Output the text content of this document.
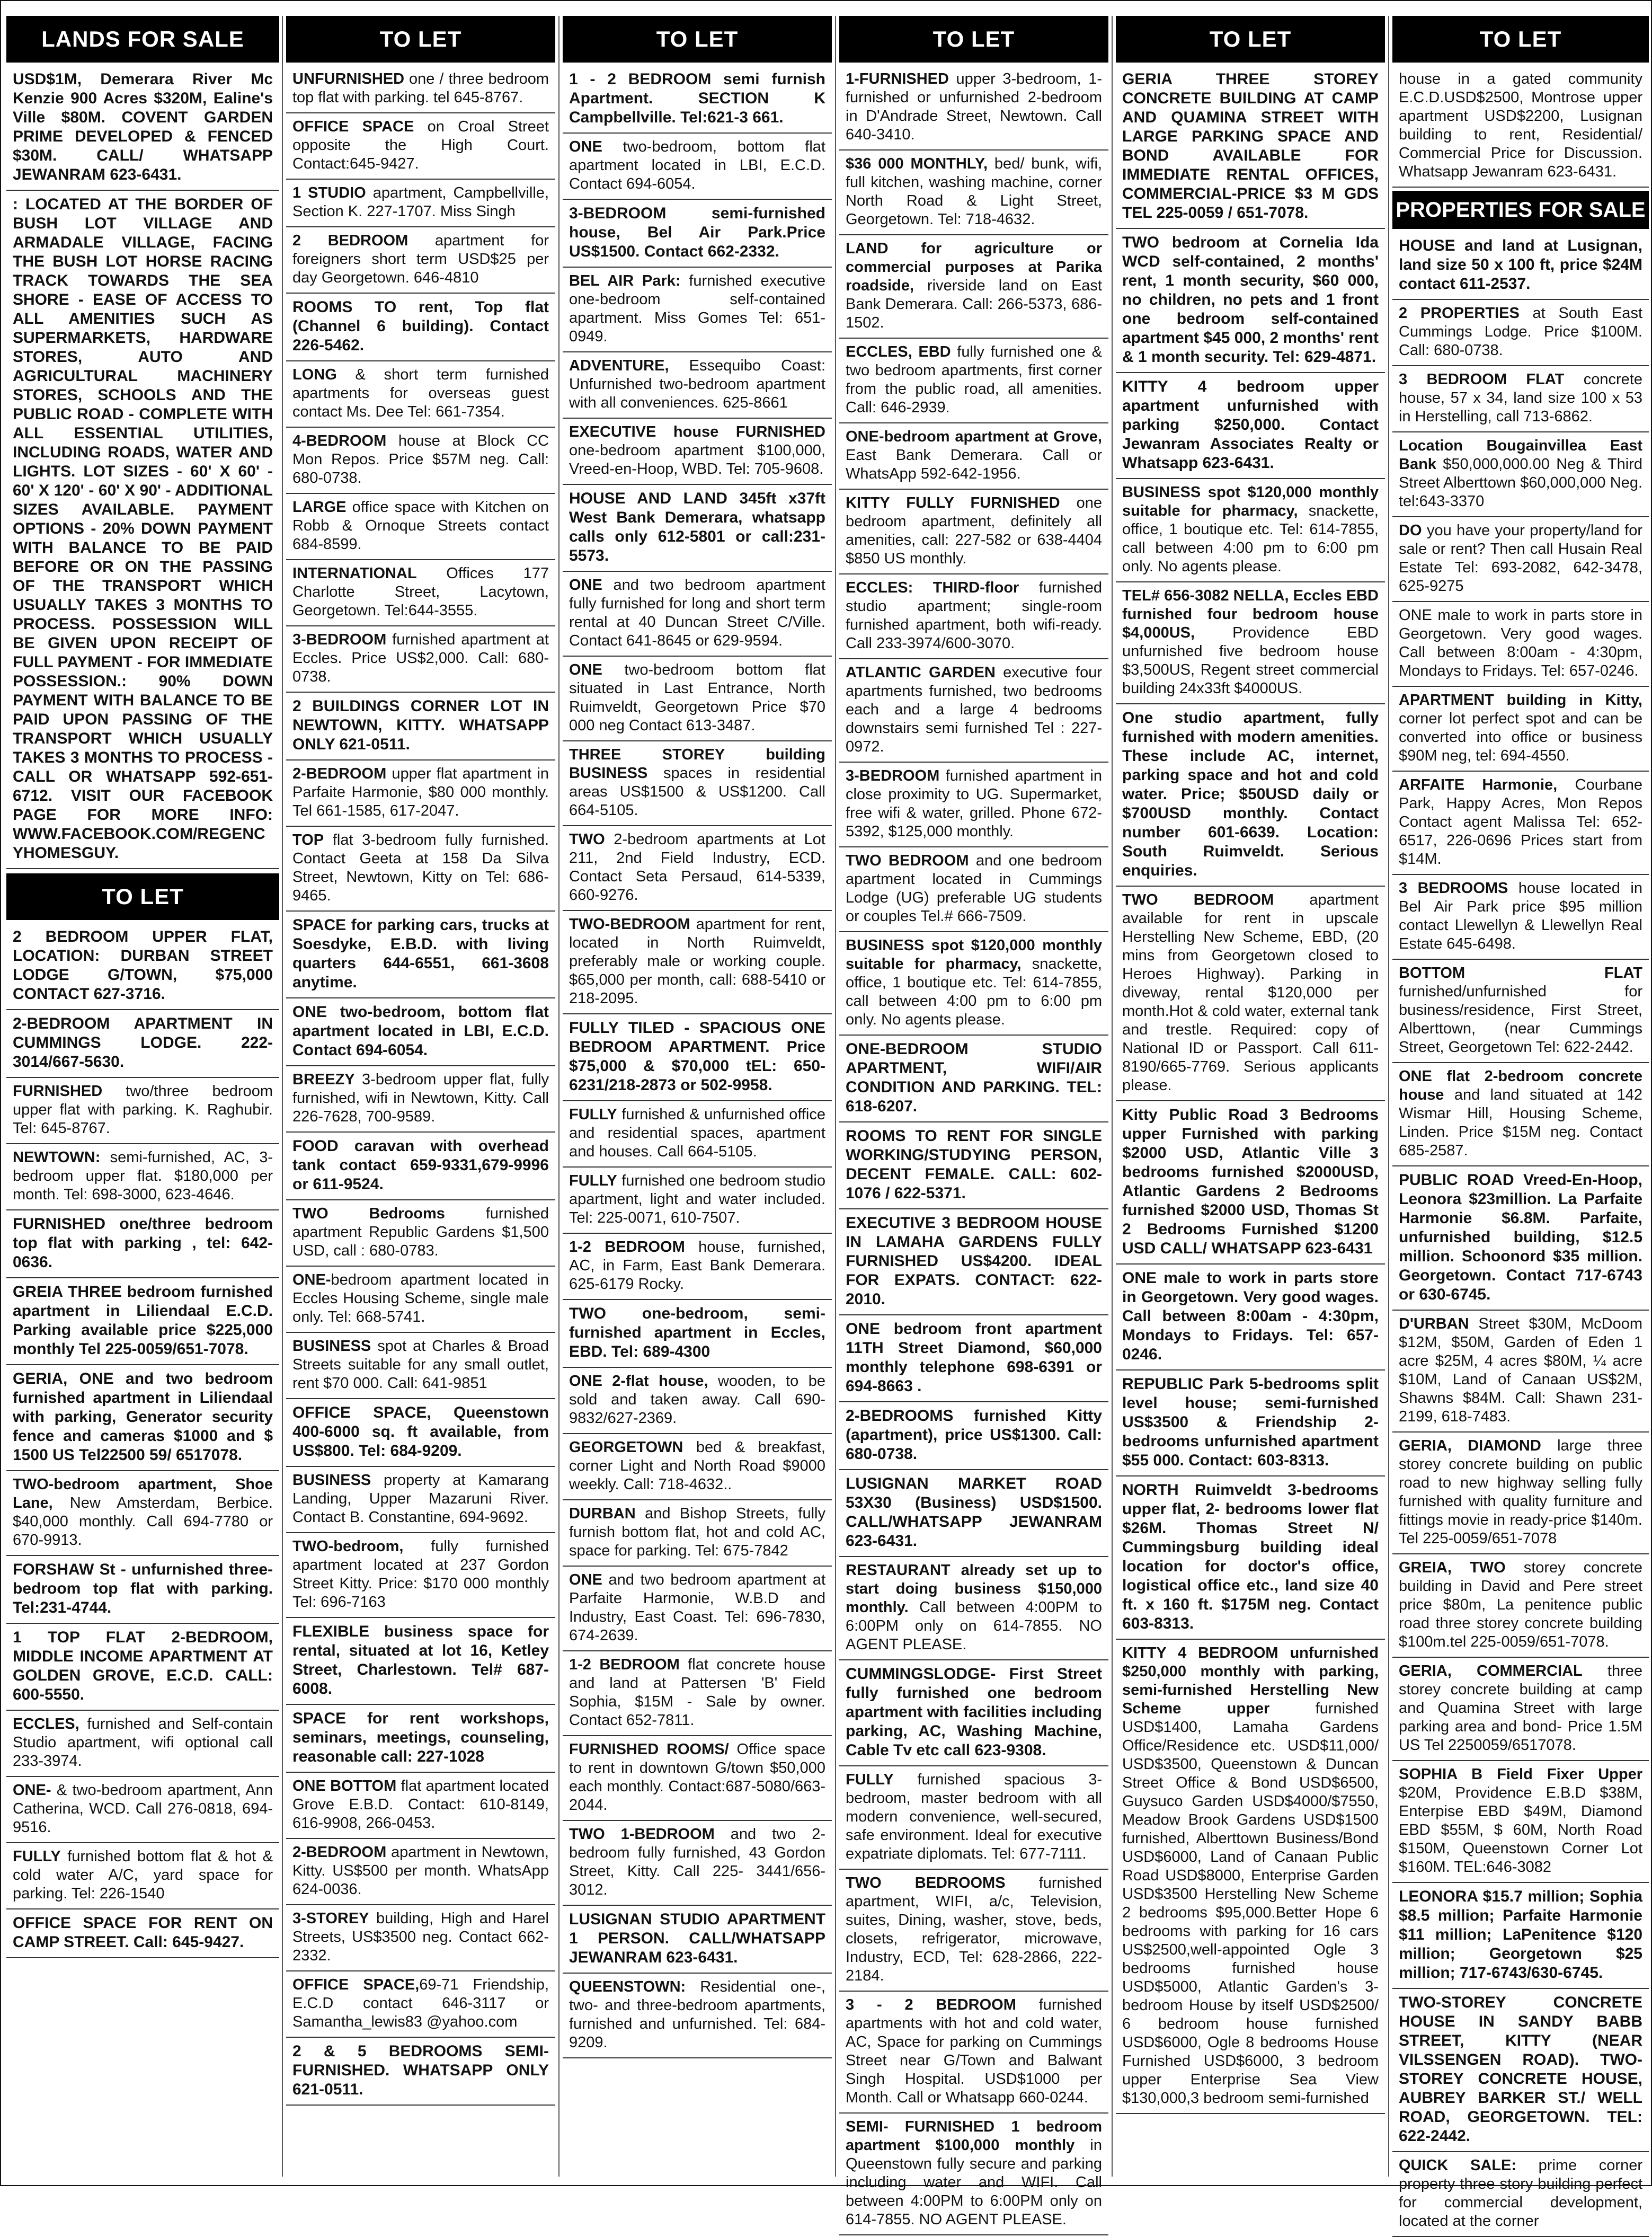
LANDS FOR SALE
USD$1M, Demerara River Mc Kenzie 900 Acres $320M, Ealine's Ville $80M. COVENT GARDEN PRIME DEVELOPED & FENCED $30M. CALL/ WHATSAPP JEWANRAM 623-6431.
: LOCATED AT THE BORDER OF BUSH LOT VILLAGE AND ARMADALE VILLAGE, FACING THE BUSH LOT HORSE RACING TRACK TOWARDS THE SEA SHORE - EASE OF ACCESS TO ALL AMENITIES SUCH AS SUPERMARKETS, HARDWARE STORES, AUTO AND AGRICULTURAL MACHINERY STORES, SCHOOLS AND THE PUBLIC ROAD - COMPLETE WITH ALL ESSENTIAL UTILITIES, INCLUDING ROADS, WATER AND LIGHTS. LOT SIZES - 60' X 60' - 60' X 120' - 60' X 90' - ADDITIONAL SIZES AVAILABLE. PAYMENT OPTIONS - 20% DOWN PAYMENT WITH BALANCE TO BE PAID BEFORE OR ON THE PASSING OF THE TRANSPORT WHICH USUALLY TAKES 3 MONTHS TO PROCESS. POSSESSION WILL BE GIVEN UPON RECEIPT OF FULL PAYMENT - FOR IMMEDIATE POSSESSION.: 90% DOWN PAYMENT WITH BALANCE TO BE PAID UPON PASSING OF THE TRANSPORT WHICH USUALLY TAKES 3 MONTHS TO PROCESS - CALL OR WHATSAPP 592-651-6712. VISIT OUR FACEBOOK PAGE FOR MORE INFO: WWW.FACEBOOK.COM/REGENCYHOMESGUY.
TO LET
2 BEDROOM UPPER FLAT, LOCATION: DURBAN STREET LODGE G/TOWN, $75,000 CONTACT 627-3716.
2-BEDROOM APARTMENT IN CUMMINGS LODGE. 222-3014/667-5630.
FURNISHED two/three bedroom upper flat with parking. K. Raghubir. Tel: 645-8767.
NEWTOWN: semi-furnished, AC, 3-bedroom upper flat. $180,000 per month. Tel: 698-3000, 623-4646.
FURNISHED one/three bedroom top flat with parking , tel: 642-0636.
GREIA THREE bedroom furnished apartment in Liliendaal E.C.D. Parking available price $225,000 monthly Tel 225-0059/651-7078.
GERIA, ONE and two bedroom furnished apartment in Liliendaal with parking, Generator security fence and cameras $1000 and $ 1500 US Tel22500 59/ 6517078.
TWO-bedroom apartment, Shoe Lane, New Amsterdam, Berbice. $40,000 monthly. Call 694-7780 or 670-9913.
FORSHAW St - unfurnished three-bedroom top flat with parking. Tel:231-4744.
1 TOP FLAT 2-BEDROOM, MIDDLE INCOME APARTMENT AT GOLDEN GROVE, E.C.D. CALL: 600-5550.
ECCLES, furnished and Self-contain Studio apartment, wifi optional call 233-3974.
ONE- & two-bedroom apartment, Ann Catherina, WCD. Call 276-0818, 694-9516.
FULLY furnished bottom flat & hot & cold water A/C, yard space for parking. Tel: 226-1540
OFFICE SPACE FOR RENT ON CAMP STREET. Call: 645-9427.
TO LET
UNFURNISHED one / three bedroom top flat with parking. tel 645-8767.
OFFICE SPACE on Croal Street opposite the High Court. Contact:645-9427.
1 STUDIO apartment, Campbellville, Section K. 227-1707. Miss Singh
2 BEDROOM apartment for foreigners short term USD$25 per day Georgetown. 646-4810
ROOMS TO rent, Top flat (Channel 6 building). Contact 226-5462.
LONG & short term furnished apartments for overseas guest contact Ms. Dee Tel: 661-7354.
4-BEDROOM house at Block CC Mon Repos. Price $57M neg. Call: 680-0738.
LARGE office space with Kitchen on Robb & Ornoque Streets contact 684-8599.
INTERNATIONAL Offices 177 Charlotte Street, Lacytown, Georgetown. Tel:644-3555.
3-BEDROOM furnished apartment at Eccles. Price US$2,000. Call: 680-0738.
2 BUILDINGS CORNER LOT IN NEWTOWN, KITTY. WHATSAPP ONLY 621-0511.
2-BEDROOM upper flat apartment in Parfaite Harmonie, $80 000 monthly. Tel 661-1585, 617-2047.
TOP flat 3-bedroom fully furnished. Contact Geeta at 158 Da Silva Street, Newtown, Kitty on Tel: 686-9465.
SPACE for parking cars, trucks at Soesdyke, E.B.D. with living quarters 644-6551, 661-3608 anytime.
ONE two-bedroom, bottom flat apartment located in LBI, E.C.D. Contact 694-6054.
BREEZY 3-bedroom upper flat, fully furnished, wifi in Newtown, Kitty. Call 226-7628, 700-9589.
FOOD caravan with overhead tank contact 659-9331,679-9996 or 611-9524.
TWO Bedrooms furnished apartment Republic Gardens $1,500 USD, call : 680-0783.
ONE-bedroom apartment located in Eccles Housing Scheme, single male only. Tel: 668-5741.
BUSINESS spot at Charles & Broad Streets suitable for any small outlet, rent $70 000. Call: 641-9851
OFFICE SPACE, Queenstown 400-6000 sq. ft available, from US$800. Tel: 684-9209.
BUSINESS property at Kamarang Landing, Upper Mazaruni River. Contact B. Constantine, 694-9692.
TWO-bedroom, fully furnished apartment located at 237 Gordon Street Kitty. Price: $170 000 monthly Tel: 696-7163
FLEXIBLE business space for rental, situated at lot 16, Ketley Street, Charlestown. Tel# 687-6008.
SPACE for rent workshops, seminars, meetings, counseling, reasonable call: 227-1028
ONE BOTTOM flat apartment located Grove E.B.D. Contact: 610-8149, 616-9908, 266-0453.
2-BEDROOM apartment in Newtown, Kitty. US$500 per month. WhatsApp 624-0036.
3-STOREY building, High and Harel Streets, US$3500 neg. Contact 662-2332.
OFFICE SPACE,69-71 Friendship, E.C.D contact 646-3117 or Samantha_lewis83 @yahoo.com
2 & 5 BEDROOMS SEMI-FURNISHED. WHATSAPP ONLY 621-0511.
TO LET
1 - 2 BEDROOM semi furnish Apartment. SECTION K Campbellville. Tel:621-3 661.
ONE two-bedroom, bottom flat apartment located in LBI, E.C.D. Contact 694-6054.
3-BEDROOM semi-furnished house, Bel Air Park.Price US$1500. Contact 662-2332.
BEL AIR Park: furnished executive one-bedroom self-contained apartment. Miss Gomes Tel: 651-0949.
ADVENTURE, Essequibo Coast: Unfurnished two-bedroom apartment with all conveniences. 625-8661
EXECUTIVE house FURNISHED one-bedroom apartment $100,000, Vreed-en-Hoop, WBD. Tel: 705-9608.
HOUSE AND LAND 345ft x37ft West Bank Demerara, whatsapp calls only 612-5801 or call:231-5573.
ONE and two bedroom apartment fully furnished for long and short term rental at 40 Duncan Street C/Ville. Contact 641-8645 or 629-9594.
ONE two-bedroom bottom flat situated in Last Entrance, North Ruimveldt, Georgetown Price $70 000 neg Contact 613-3487.
THREE STOREY building BUSINESS spaces in residential areas US$1500 & US$1200. Call 664-5105.
TWO 2-bedroom apartments at Lot 211, 2nd Field Industry, ECD. Contact Seta Persaud, 614-5339, 660-9276.
TWO-BEDROOM apartment for rent, located in North Ruimveldt, preferably male or working couple. $65,000 per month, call: 688-5410 or 218-2095.
FULLY TILED - SPACIOUS ONE BEDROOM APARTMENT. Price $75,000 & $70,000 tEL: 650-6231/218-2873 or 502-9958.
FULLY furnished & unfurnished office and residential spaces, apartment and houses. Call 664-5105.
FULLY furnished one bedroom studio apartment, light and water included. Tel: 225-0071, 610-7507.
1-2 BEDROOM house, furnished, AC, in Farm, East Bank Demerara. 625-6179 Rocky.
TWO one-bedroom, semi-furnished apartment in Eccles, EBD. Tel: 689-4300
ONE 2-flat house, wooden, to be sold and taken away. Call 690-9832/627-2369.
GEORGETOWN bed & breakfast, corner Light and North Road $9000 weekly. Call: 718-4632..
DURBAN and Bishop Streets, fully furnish bottom flat, hot and cold AC, space for parking. Tel: 675-7842
ONE and two bedroom apartment at Parfaite Harmonie, W.B.D and Industry, East Coast. Tel: 696-7830, 674-2639.
1-2 BEDROOM flat concrete house and land at Pattersen 'B' Field Sophia, $15M - Sale by owner. Contact 652-7811.
FURNISHED ROOMS/ Office space to rent in downtown G/town $50,000 each monthly. Contact:687-5080/663-2044.
TWO 1-BEDROOM and two 2-bedroom fully furnished, 43 Gordon Street, Kitty. Call 225- 3441/656-3012.
LUSIGNAN STUDIO APARTMENT 1 PERSON. CALL/WHATSAPP JEWANRAM 623-6431.
QUEENSTOWN: Residential one-, two- and three-bedroom apartments, furnished and unfurnished. Tel: 684-9209.
TO LET
1-FURNISHED upper 3-bedroom, 1-furnished or unfurnished 2-bedroom in D'Andrade Street, Newtown. Call 640-3410.
$36 000 MONTHLY, bed/ bunk, wifi, full kitchen, washing machine, corner North Road & Light Street, Georgetown. Tel: 718-4632.
LAND for agriculture or commercial purposes at Parika roadside, riverside land on East Bank Demerara. Call: 266-5373, 686-1502.
ECCLES, EBD fully furnished one & two bedroom apartments, first corner from the public road, all amenities. Call: 646-2939.
ONE-bedroom apartment at Grove, East Bank Demerara. Call or WhatsApp 592-642-1956.
KITTY FULLY FURNISHED one bedroom apartment, definitely all amenities, call: 227-582 or 638-4404 $850 US monthly.
ECCLES: THIRD-floor furnished studio apartment; single-room furnished apartment, both wifi-ready. Call 233-3974/600-3070.
ATLANTIC GARDEN executive four apartments furnished, two bedrooms each and a large 4 bedrooms downstairs semi furnished Tel : 227-0972.
3-BEDROOM furnished apartment in close proximity to UG. Supermarket, free wifi & water, grilled. Phone 672-5392, $125,000 monthly.
TWO BEDROOM and one bedroom apartment located in Cummings Lodge (UG) preferable UG students or couples Tel.# 666-7509.
BUSINESS spot $120,000 monthly suitable for pharmacy, snackette, office, 1 boutique etc. Tel: 614-7855, call between 4:00 pm to 6:00 pm only. No agents please.
ONE-BEDROOM STUDIO APARTMENT, WIFI/AIR CONDITION AND PARKING. TEL: 618-6207.
ROOMS TO RENT FOR SINGLE WORKING/STUDYING PERSON, DECENT FEMALE. CALL: 602-1076 / 622-5371.
EXECUTIVE 3 BEDROOM HOUSE IN LAMAHA GARDENS FULLY FURNISHED US$4200. IDEAL FOR EXPATS. CONTACT: 622-2010.
ONE bedroom front apartment 11TH Street Diamond, $60,000 monthly telephone 698-6391 or 694-8663 .
2-BEDROOMS furnished Kitty (apartment), price US$1300. Call: 680-0738.
LUSIGNAN MARKET ROAD 53X30 (Business) USD$1500. CALL/WHATSAPP JEWANRAM 623-6431.
RESTAURANT already set up to start doing business $150,000 monthly. Call between 4:00PM to 6:00PM only on 614-7855. NO AGENT PLEASE.
CUMMINGSLODGE- First Street fully furnished one bedroom apartment with facilities including parking, AC, Washing Machine, Cable Tv etc call 623-9308.
FULLY furnished spacious 3-bedroom, master bedroom with all modern convenience, well-secured, safe environment. Ideal for executive expatriate diplomats. Tel: 677-7111.
TWO BEDROOMS furnished apartment, WIFI, a/c, Television, suites, Dining, washer, stove, beds, closets, refrigerator, microwave, Industry, ECD, Tel: 628-2866, 222-2184.
3 - 2 BEDROOM furnished apartments with hot and cold water, AC, Space for parking on Cummings Street near G/Town and Balwant Singh Hospital. USD$1000 per Month. Call or Whatsapp 660-0244.
SEMI- FURNISHED 1 bedroom apartment $100,000 monthly in Queenstown fully secure and parking including water and WIFI. Call between 4:00PM to 6:00PM only on 614-7855. NO AGENT PLEASE.
TO LET
GERIA THREE STOREY CONCRETE BUILDING AT CAMP AND QUAMINA STREET WITH LARGE PARKING SPACE AND BOND AVAILABLE FOR IMMEDIATE RENTAL OFFICES, COMMERCIAL-PRICE $3 M GDS TEL 225-0059 / 651-7078.
TWO bedroom at Cornelia Ida WCD self-contained, 2 months' rent, 1 month security, $60 000, no children, no pets and 1 front one bedroom self-contained apartment $45 000, 2 months' rent & 1 month security. Tel: 629-4871.
KITTY 4 bedroom upper apartment unfurnished with parking $250,000. Contact Jewanram Associates Realty or Whatsapp 623-6431.
BUSINESS spot $120,000 monthly suitable for pharmacy, snackette, office, 1 boutique etc. Tel: 614-7855, call between 4:00 pm to 6:00 pm only. No agents please.
TEL# 656-3082 NELLA, Eccles EBD furnished four bedroom house $4,000US, Providence EBD unfurnished five bedroom house $3,500US, Regent street commercial building 24x33ft $4000US.
One studio apartment, fully furnished with modern amenities. These include AC, internet, parking space and hot and cold water. Price; $50USD daily or $700USD monthly. Contact number 601-6639. Location: South Ruimveldt. Serious enquiries.
TWO BEDROOM apartment available for rent in upscale Herstelling New Scheme, EBD, (20 mins from Georgetown closed to Heroes Highway). Parking in diveway, rental $120,000 per month.Hot & cold water, external tank and trestle. Required: copy of National ID or Passport. Call 611-8190/665-7769. Serious applicants please.
Kitty Public Road 3 Bedrooms upper Furnished with parking $2000 USD, Atlantic Ville 3 bedrooms furnished $2000USD, Atlantic Gardens 2 Bedrooms furnished $2000 USD, Thomas St 2 Bedrooms Furnished $1200 USD CALL/ WHATSAPP 623-6431
ONE male to work in parts store in Georgetown. Very good wages. Call between 8:00am - 4:30pm, Mondays to Fridays. Tel: 657-0246.
REPUBLIC Park 5-bedrooms split level house; semi-furnished US$3500 & Friendship 2-bedrooms unfurnished apartment $55 000. Contact: 603-8313.
NORTH Ruimveldt 3-bedrooms upper flat, 2- bedrooms lower flat $26M. Thomas Street N/ Cummingsburg building ideal location for doctor's office, logistical office etc., land size 40 ft. x 160 ft. $175M neg. Contact 603-8313.
KITTY 4 BEDROOM unfurnished $250,000 monthly with parking, semi-furnished Herstelling New Scheme upper furnished USD$1400, Lamaha Gardens Office/Residence etc. USD$11,000/ USD$3500, Queenstown & Duncan Street Office & Bond USD$6500, Guysuco Garden USD$4000/$7550, Meadow Brook Gardens USD$1500 furnished, Alberttown Business/Bond USD$6000, Land of Canaan Public Road USD$8000, Enterprise Garden USD$3500 Herstelling New Scheme 2 bedrooms $95,000.Better Hope 6 bedrooms with parking for 16 cars US$2500,well-appointed Ogle 3 bedrooms furnished house USD$5000, Atlantic Garden's 3-bedroom House by itself USD$2500/ 6 bedroom house furnished USD$6000, Ogle 8 bedrooms House Furnished USD$6000, 3 bedroom upper Enterprise Sea View $130,000,3 bedroom semi-furnished
TO LET
house in a gated community E.C.D.USD$2500, Montrose upper apartment USD$2200, Lusignan building to rent, Residential/ Commercial Price for Discussion. Whatsapp Jewanram 623-6431.
PROPERTIES FOR SALE
HOUSE and land at Lusignan, land size 50 x 100 ft, price $24M contact 611-2537.
2 PROPERTIES at South East Cummings Lodge. Price $100M. Call: 680-0738.
3 BEDROOM FLAT concrete house, 57 x 34, land size 100 x 53 in Herstelling, call 713-6862.
Location Bougainvillea East Bank $50,000,000.00 Neg & Third Street Alberttown $60,000,000 Neg. tel:643-3370
DO you have your property/land for sale or rent? Then call Husain Real Estate Tel: 693-2082, 642-3478, 625-9275
ONE male to work in parts store in Georgetown. Very good wages. Call between 8:00am - 4:30pm, Mondays to Fridays. Tel: 657-0246.
APARTMENT building in Kitty, corner lot perfect spot and can be converted into office or business $90M neg, tel: 694-4550.
ARFAITE Harmonie, Courbane Park, Happy Acres, Mon Repos Contact agent Malissa Tel: 652-6517, 226-0696 Prices start from $14M.
3 BEDROOMS house located in Bel Air Park price $95 million contact Llewellyn & Llewellyn Real Estate 645-6498.
BOTTOM FLAT furnished/unfurnished for business/residence, First Street, Alberttown, (near Cummings Street, Georgetown Tel: 622-2442.
ONE flat 2-bedroom concrete house and land situated at 142 Wismar Hill, Housing Scheme, Linden. Price $15M neg. Contact 685-2587.
PUBLIC ROAD Vreed-En-Hoop, Leonora $23million. La Parfaite Harmonie $6.8M. Parfaite, unfurnished building, $12.5 million. Schoonord $35 million. Georgetown. Contact 717-6743 or 630-6745.
D'URBAN Street $30M, McDoom $12M, $50M, Garden of Eden 1 acre $25M, 4 acres $80M, ¼ acre $10M, Land of Canaan US$2M, Shawns $84M. Call: Shawn 231-2199, 618-7483.
GERIA, DIAMOND large three storey concrete building on public road to new highway selling fully furnished with quality furniture and fittings movie in ready-price $140m. Tel 225-0059/651-7078
GREIA, TWO storey concrete building in David and Pere street price $80m, La penitence public road three storey concrete building $100m.tel 225-0059/651-7078.
GERIA, COMMERCIAL three storey concrete building at camp and Quamina Street with large parking area and bond- Price 1.5M US Tel 2250059/6517078.
SOPHIA B Field Fixer Upper $20M, Providence E.B.D $38M, Enterpise EBD $49M, Diamond EBD $55M, $ 60M, North Road $150M, Queenstown Corner Lot $160M. TEL:646-3082
LEONORA $15.7 million; Sophia $8.5 million; Parfaite Harmonie $11 million; LaPenitence $120 million; Georgetown $25 million; 717-6743/630-6745.
TWO-STOREY CONCRETE HOUSE IN SANDY BABB STREET, KITTY (NEAR VILSSENGEN ROAD). TWO-STOREY CONCRETE HOUSE, AUBREY BARKER ST./ WELL ROAD, GEORGETOWN. TEL: 622-2442.
QUICK SALE: prime corner property three story building perfect for commercial development, located at the corner
